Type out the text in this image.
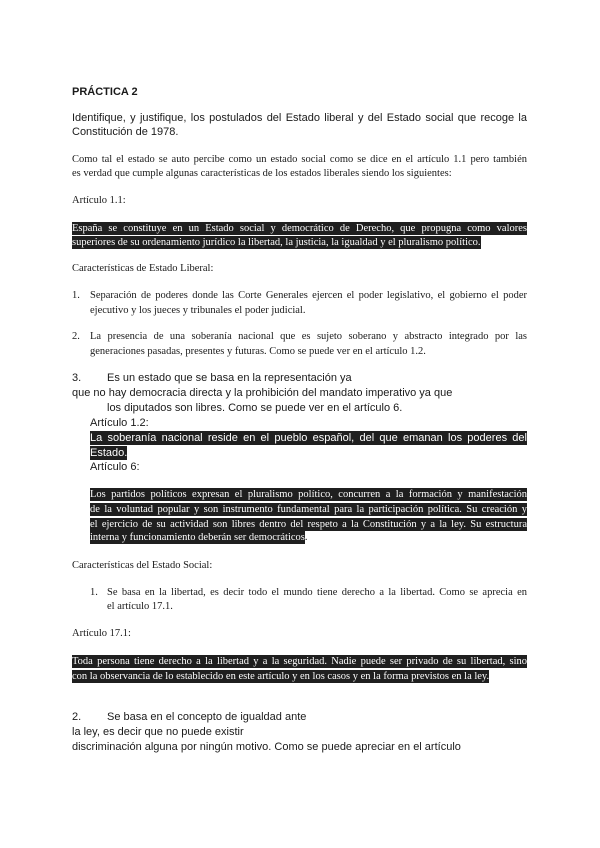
PRÁCTICA 2
Identifique, y justifique, los postulados del Estado liberal y del Estado social que recoge la
Constitución de 1978.
Como tal el estado se auto percibe como un estado social como se dice en el artículo 1.1 pero también
es verdad que cumple algunas características de los estados liberales siendo los siguientes:
Artículo 1.1:
España se constituye en un Estado social y democrático de Derecho, que propugna como valores
superiores de su ordenamiento jurídico la libertad, la justicia, la igualdad y el pluralismo político.
Características de Estado Liberal:
1. Separación de poderes donde las Corte Generales ejercen el poder legislativo, el gobierno el poder
ejecutivo y los jueces y tribunales el poder judicial.
2. La presencia de una soberanía nacional que es sujeto soberano y abstracto integrado por las
generaciones pasadas, presentes y futuras. Como se puede ver en el artículo 1.2.
3. Es un estado que se basa en la representación ya
que no hay democracia directa y la prohibición del mandato imperativo ya que
los diputados son libres. Como se puede ver en el artículo 6.
Artículo 1.2:
La soberanía nacional reside en el pueblo español, del que emanan los poderes del
Estado.
Artículo 6:
Los partidos políticos expresan el pluralismo político, concurren a la formación y manifestación
de la voluntad popular y son instrumento fundamental para la participación política. Su creación y
el ejercicio de su actividad son libres dentro del respeto a la Constitución y a la ley. Su estructura
interna y funcionamiento deberán ser democráticos.
Características del Estado Social:
1. Se basa en la libertad, es decir todo el mundo tiene derecho a la libertad. Como se aprecia en
el artículo 17.1.
Artículo 17.1:
Toda persona tiene derecho a la libertad y a la seguridad. Nadie puede ser privado de su libertad, sino
con la observancia de lo establecido en este artículo y en los casos y en la forma previstos en la ley.
2. Se basa en el concepto de igualdad ante
la ley, es decir que no puede existir
discriminación alguna por ningún motivo. Como se puede apreciar en el artículo
